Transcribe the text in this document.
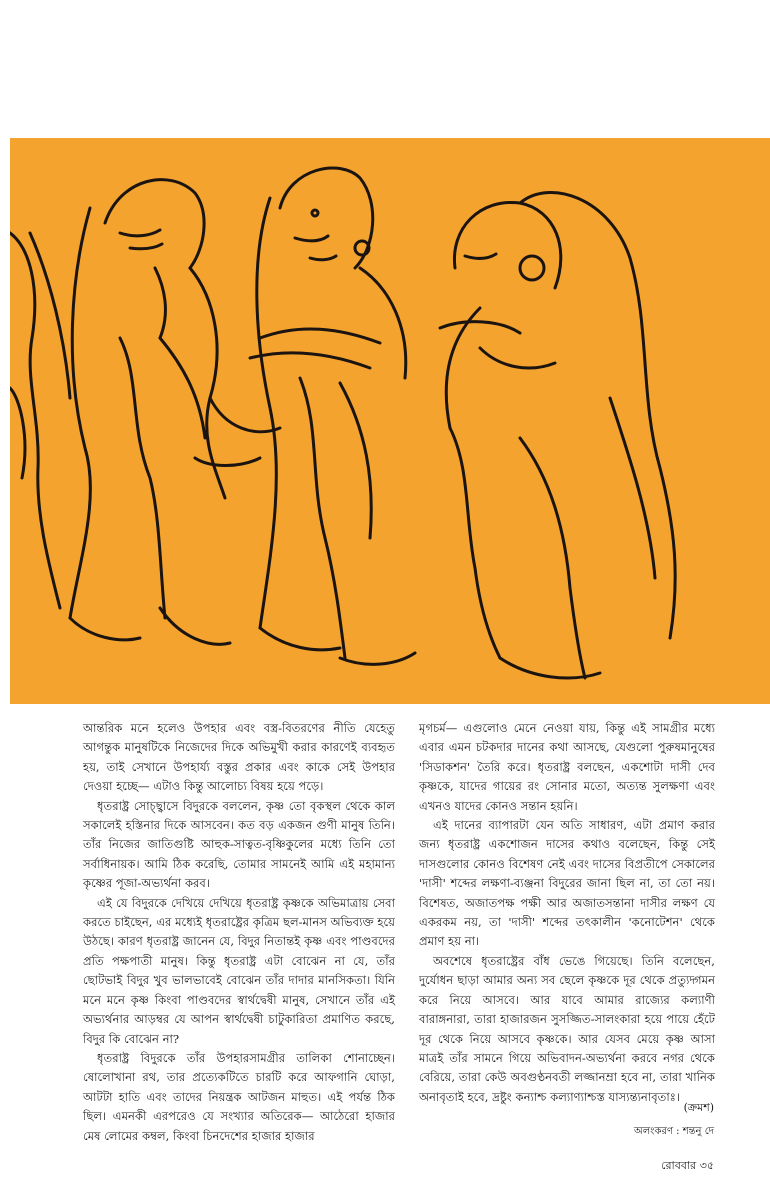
আন্তরিক মনে হলেও উপহার এবং বস্ত্র-বিতরণের নীতি যেহেতু আগন্তুক মানুষটিকে নিজেদের দিকে অভিমুখী করার কারণেই ব্যবহৃত হয়, তাই সেখানে উপহার্য্য বস্তুর প্রকার এবং কাকে সেই উপহার দেওয়া হচ্ছে— এটাও কিন্তু আলোচ্য বিষয় হয়ে পড়ে।

ধৃতরাষ্ট্র সোচ্ছ্বাসে বিদুরকে বললেন, কৃষ্ণ তো বৃকস্থল থেকে কাল সকালেই হস্তিনার দিকে আসবেন। কত বড় একজন গুণী মানুষ তিনি। তাঁর নিজের জাতিগুষ্টি আহুক-সাত্বত-বৃষ্ণিকুলের মধ্যে তিনি তো সর্বাধিনায়ক। আমি ঠিক করেছি, তোমার সামনেই আমি এই মহামান্য কৃষ্ণের পূজা-অভ্যর্থনা করব।

এই যে বিদুরকে দেখিয়ে দেখিয়ে ধৃতরাষ্ট্র কৃষ্ণকে অভিমাত্রায় সেবা করতে চাইছেন, এর মধ্যেই ধৃতরাষ্ট্রের কৃত্রিম ছল-মানস অভিব্যক্ত হয়ে উঠছে। কারণ ধৃতরাষ্ট্র জানেন যে, বিদুর নিতান্তই কৃষ্ণ এবং পাণ্ডবদের প্রতি পক্ষপাতী মানুষ। কিন্তু ধৃতরাষ্ট্র এটা বোঝেন না যে, তাঁর ছোটভাই বিদুর খুব ভালভাবেই বোঝেন তাঁর দাদার মানসিকতা। যিনি মনে মনে কৃষ্ণ কিংবা পাণ্ডবদের স্বার্থদ্বেষী মানুষ, সেখানে তাঁর এই অভ্যর্থনার আড়ম্বর যে আপন স্বার্থদ্বেষী চাটুকারিতা প্রমাণিত করছে, বিদুর কি বোঝেন না?

ধৃতরাষ্ট্র বিদুরকে তাঁর উপহারসামগ্রীর তালিকা শোনাচ্ছেন। ষোলোখানা রথ, তার প্রত্যেকটিতে চারটি করে আফগানি ঘোড়া, আটটা হাতি এবং তাদের নিয়ন্ত্রক আটজন মাহুত। এই পর্যন্ত ঠিক ছিল। এমনকী এরপরেও যে সংখ্যার অতিরেক— আঠেরো হাজার মেষ লোমের কম্বল, কিংবা চিনদেশের হাজার হাজার

মৃগচর্ম— এগুলোও মেনে নেওয়া যায়, কিন্তু এই সামগ্রীর মধ্যে এবার এমন চটকদার দানের কথা আসছে, যেগুলো পুরুষমানুষের 'সিডাকশন' তৈরি করে। ধৃতরাষ্ট্র বলছেন, একশোটা দাসী দেব কৃষ্ণকে, যাদের গায়ের রং সোনার মতো, অত্যন্ত সুলক্ষণা এবং এখনও যাদের কোনও সন্তান হয়নি।

এই দানের ব্যাপারটা যেন অতি সাধারণ, এটা প্রমাণ করার জন্য ধৃতরাষ্ট্র একশোজন দাসের কথাও বলেছেন, কিন্তু সেই দাসগুলোর কোনও বিশেষণ নেই এবং দাসের বিপ্রতীপে সেকালের 'দাসী' শব্দের লক্ষণা-ব্যঞ্জনা বিদুরের জানা ছিল না, তা তো নয়। বিশেষত, অজাতপক্ষ পক্ষী আর অজাতসন্তানা দাসীর লক্ষণ যে একরকম নয়, তা 'দাসী' শব্দের তৎকালীন 'কনোটেশন' থেকে প্রমাণ হয় না।

অবশেষে ধৃতরাষ্ট্রের বাঁধ ভেঙে গিয়েছে। তিনি বলেছেন, দুর্যোধন ছাড়া আমার অন্য সব ছেলে কৃষ্ণকে দূর থেকে প্রত্যুদ্গমন করে নিয়ে আসবে। আর যাবে আমার রাজ্যের কল্যাণী বারাঙ্গনারা, তারা হাজারজন সুসজ্জিত-সালংকারা হয়ে পায়ে হেঁটে দূর থেকে নিয়ে আসবে কৃষ্ণকে। আর যেসব মেয়ে কৃষ্ণ আসা মাত্রই তাঁর সামনে গিয়ে অভিবাদন-অভ্যর্থনা করবে নগর থেকে বেরিয়ে, তারা কেউ অবগুণ্ঠনবতী লজ্জানম্রা হবে না, তারা খানিক অনাবৃতাই হবে, দ্রষ্টুং কন্যাশ্চ কল্যাণ্যাশ্চস্ত যাস্যন্ত্যনাবৃতাঃ।

(ক্রমশ)
অলংকরণ : শন্তনু দে
রোববার ৩৫
